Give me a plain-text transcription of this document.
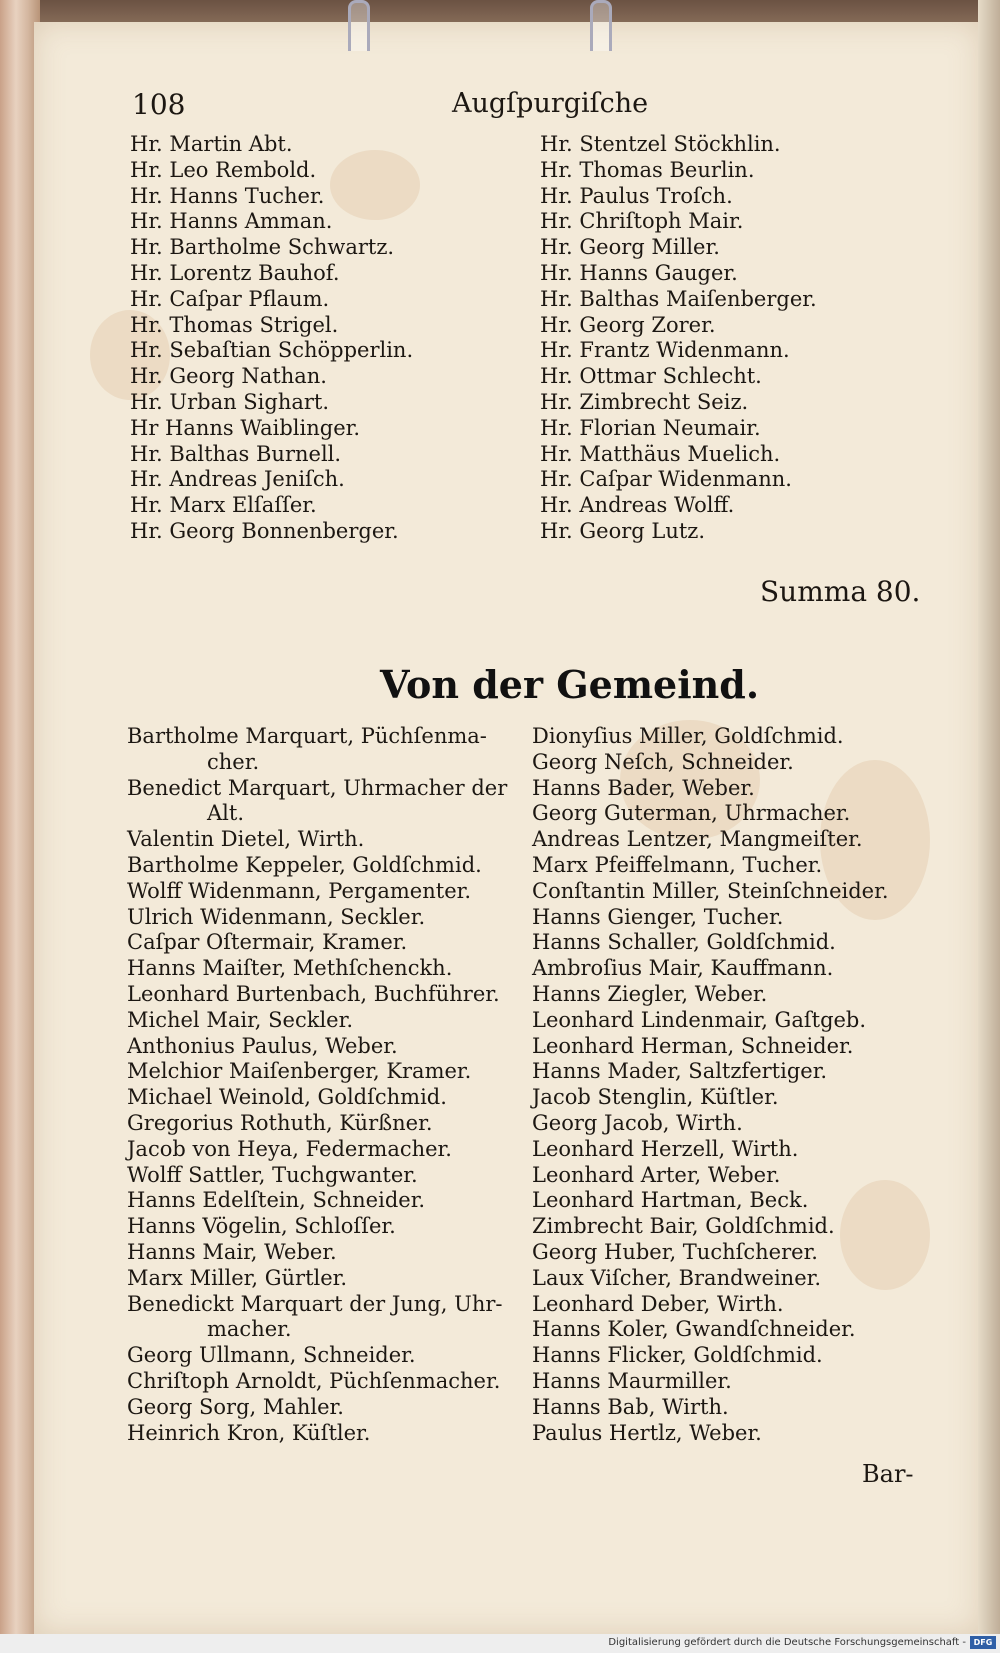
108	Augſpurgiſche
Hr. Martin Abt.
Hr. Leo Rembold.
Hr. Hanns Tucher.
Hr. Hanns Amman.
Hr. Bartholme Schwartz.
Hr. Lorentz Bauhof.
Hr. Caſpar Pflaum.
Hr. Thomas Strigel.
Hr. Sebaſtian Schöpperlin.
Hr. Georg Nathan.
Hr. Urban Sighart.
Hr Hanns Waiblinger.
Hr. Balthas Burnell.
Hr. Andreas Jeniſch.
Hr. Marx Elſaſſer.
Hr. Georg Bonnenberger.
Hr. Stentzel Stöckhlin.
Hr. Thomas Beurlin.
Hr. Paulus Troſch.
Hr. Chriſtoph Mair.
Hr. Georg Miller.
Hr. Hanns Gauger.
Hr. Balthas Maiſenberger.
Hr. Georg Zorer.
Hr. Frantz Widenmann.
Hr. Ottmar Schlecht.
Hr. Zimbrecht Seiz.
Hr. Florian Neumair.
Hr. Matthäus Muelich.
Hr. Caſpar Widenmann.
Hr. Andreas Wolff.
Hr. Georg Lutz.
Summa 80.
Von der Gemeind.
Bartholme Marquart, Püchſenma-
cher.
Benedict Marquart, Uhrmacher der
Alt.
Valentin Dietel, Wirth.
Bartholme Keppeler, Goldſchmid.
Wolff Widenmann, Pergamenter.
Ulrich Widenmann, Seckler.
Caſpar Oſtermair, Kramer.
Hanns Maiſter, Methſchenckh.
Leonhard Burtenbach, Buchführer.
Michel Mair, Seckler.
Anthonius Paulus, Weber.
Melchior Maiſenberger, Kramer.
Michael Weinold, Goldſchmid.
Gregorius Rothuth, Kürßner.
Jacob von Heya, Federmacher.
Wolff Sattler, Tuchgwanter.
Hanns Edelſtein, Schneider.
Hanns Vögelin, Schloſſer.
Hanns Mair, Weber.
Marx Miller, Gürtler.
Benedickt Marquart der Jung, Uhr-
macher.
Georg Ullmann, Schneider.
Chriſtoph Arnoldt, Püchſenmacher.
Georg Sorg, Mahler.
Heinrich Kron, Küſtler.
Dionyſius Miller, Goldſchmid.
Georg Neſch, Schneider.
Hanns Bader, Weber.
Georg Guterman, Uhrmacher.
Andreas Lentzer, Mangmeiſter.
Marx Pfeiffelmann, Tucher.
Conſtantin Miller, Steinſchneider.
Hanns Gienger, Tucher.
Hanns Schaller, Goldſchmid.
Ambroſius Mair, Kauffmann.
Hanns Ziegler, Weber.
Leonhard Lindenmair, Gaſtgeb.
Leonhard Herman, Schneider.
Hanns Mader, Saltzfertiger.
Jacob Stenglin, Küſtler.
Georg Jacob, Wirth.
Leonhard Herzell, Wirth.
Leonhard Arter, Weber.
Leonhard Hartman, Beck.
Zimbrecht Bair, Goldſchmid.
Georg Huber, Tuchſcherer.
Laux Viſcher, Brandweiner.
Leonhard Deber, Wirth.
Hanns Koler, Gwandſchneider.
Hanns Flicker, Goldſchmid.
Hanns Maurmiller.
Hanns Bab, Wirth.
Paulus Hertlz, Weber.
Bar-
Digitalisierung gefördert durch die Deutsche Forschungsgemeinschaft - DFG
